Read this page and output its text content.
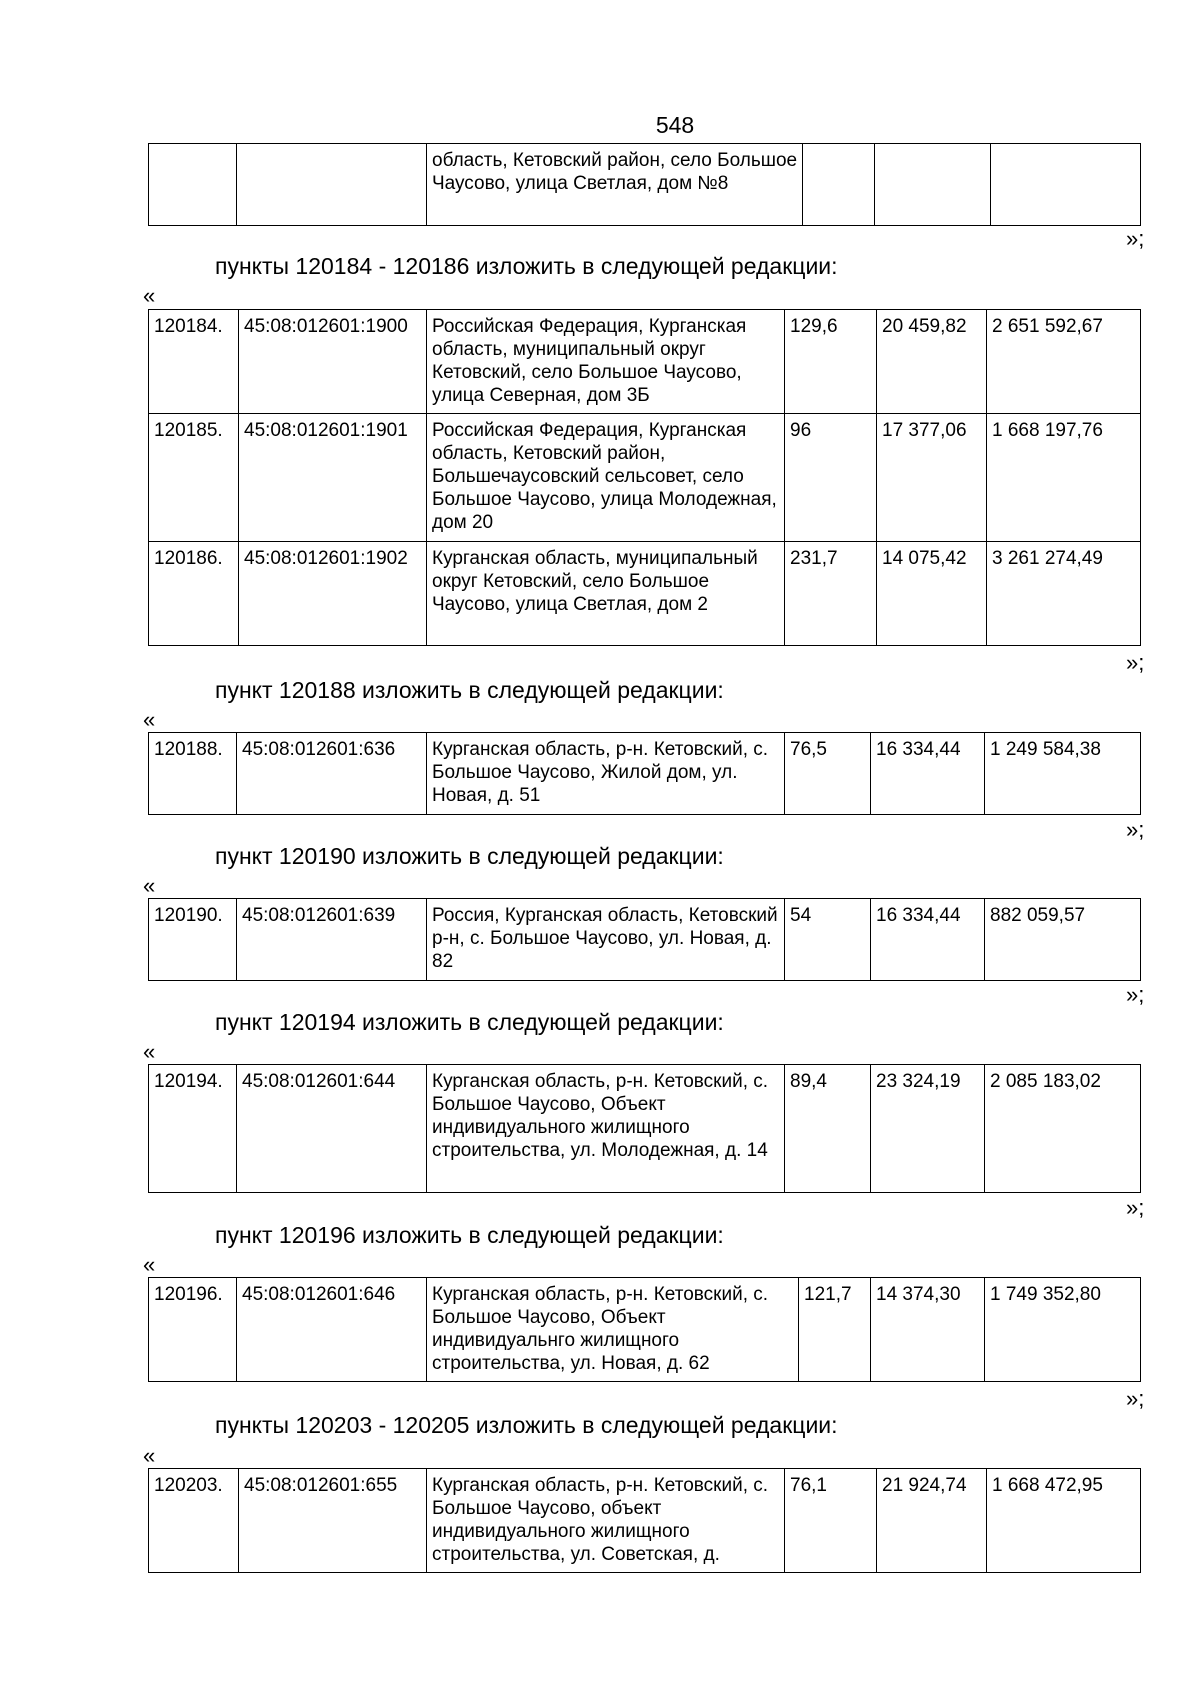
548
		область, Кетовский район, село Большое Чаусово, улица Светлая, дом №8			
»;
пункты 120184 - 120186 изложить в следующей редакции:
«
120184.	45:08:012601:1900	Российская Федерация, Курганская область, муниципальный округ Кетовский, село Большое Чаусово, улица Северная, дом 3Б	129,6	20 459,82	2 651 592,67
120185.	45:08:012601:1901	Российская Федерация, Курганская область, Кетовский район, Большечаусовский сельсовет, село Большое Чаусово, улица Молодежная, дом 20	96	17 377,06	1 668 197,76
120186.	45:08:012601:1902	Курганская область, муниципальный округ Кетовский, село Большое Чаусово, улица Светлая, дом 2	231,7	14 075,42	3 261 274,49
»;
пункт 120188 изложить в следующей редакции:
«
120188.	45:08:012601:636	Курганская область, р-н. Кетовский, с. Большое Чаусово, Жилой дом, ул. Новая, д. 51	76,5	16 334,44	1 249 584,38
»;
пункт 120190 изложить в следующей редакции:
«
120190.	45:08:012601:639	Россия, Курганская область, Кетовский р-н, с. Большое Чаусово, ул. Новая, д. 82	54	16 334,44	882 059,57
»;
пункт 120194 изложить в следующей редакции:
«
120194.	45:08:012601:644	Курганская область, р-н. Кетовский, с. Большое Чаусово, Объект индивидуального жилищного строительства, ул. Молодежная, д. 14	89,4	23 324,19	2 085 183,02
»;
пункт 120196 изложить в следующей редакции:
«
120196.	45:08:012601:646	Курганская область, р-н. Кетовский, с. Большое Чаусово, Объект индивидуальнго жилищного строительства, ул. Новая, д. 62	121,7	14 374,30	1 749 352,80
»;
пункты 120203 - 120205 изложить в следующей редакции:
«
120203.	45:08:012601:655	Курганская область, р-н. Кетовский, с. Большое Чаусово, объект индивидуального жилищного строительства, ул. Советская, д.	76,1	21 924,74	1 668 472,95
